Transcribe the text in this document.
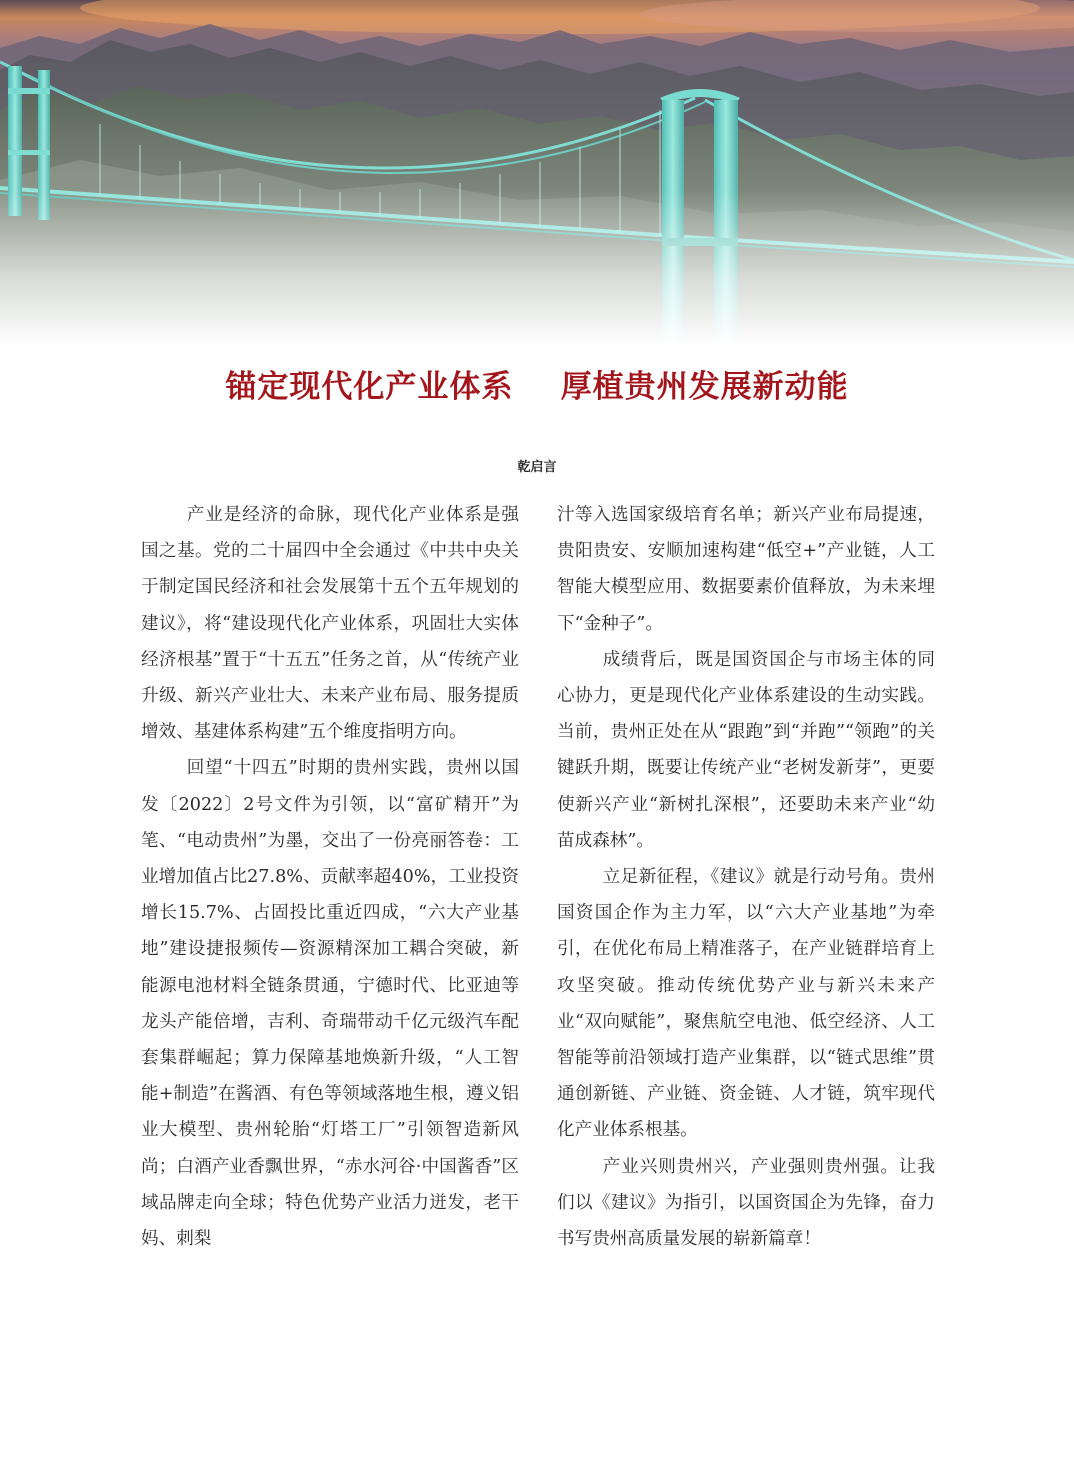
锚定现代化产业体系    厚植贵州发展新动能
乾启言

产业是经济的命脉，现代化产业体系是强国之基。党的二十届四中全会通过《中共中央关于制定国民经济和社会发展第十五个五年规划的建议》，将“建设现代化产业体系，巩固壮大实体经济根基”置于“十五五”任务之首，从“传统产业升级、新兴产业壮大、未来产业布局、服务提质增效、基建体系构建”五个维度指明方向。

回望“十四五”时期的贵州实践，贵州以国发〔2022〕2号文件为引领，以“富矿精开”为笔、“电动贵州”为墨，交出了一份亮丽答卷：工业增加值占比27.8%、贡献率超40%，工业投资增长15.7%、占固投比重近四成，“六大产业基地”建设捷报频传—资源精深加工耦合突破，新能源电池材料全链条贯通，宁德时代、比亚迪等龙头产能倍增，吉利、奇瑞带动千亿元级汽车配套集群崛起；算力保障基地焕新升级，“人工智能+制造”在酱酒、有色等领域落地生根，遵义铝业大模型、贵州轮胎“灯塔工厂”引领智造新风尚；白酒产业香飘世界，“赤水河谷·中国酱香”区域品牌走向全球；特色优势产业活力迸发，老干妈、刺梨

汁等入选国家级培育名单；新兴产业布局提速，贵阳贵安、安顺加速构建“低空+”产业链，人工智能大模型应用、数据要素价值释放，为未来埋下“金种子”。

成绩背后，既是国资国企与市场主体的同心协力，更是现代化产业体系建设的生动实践。当前，贵州正处在从“跟跑”到“并跑”“领跑”的关键跃升期，既要让传统产业“老树发新芽”，更要使新兴产业“新树扎深根”，还要助未来产业“幼苗成森林”。

立足新征程，《建议》就是行动号角。贵州国资国企作为主力军，以“六大产业基地”为牵引，在优化布局上精准落子，在产业链群培育上攻坚突破。推动传统优势产业与新兴未来产业“双向赋能”，聚焦航空电池、低空经济、人工智能等前沿领域打造产业集群，以“链式思维”贯通创新链、产业链、资金链、人才链，筑牢现代化产业体系根基。

产业兴则贵州兴，产业强则贵州强。让我们以《建议》为指引，以国资国企为先锋，奋力书写贵州高质量发展的崭新篇章！
